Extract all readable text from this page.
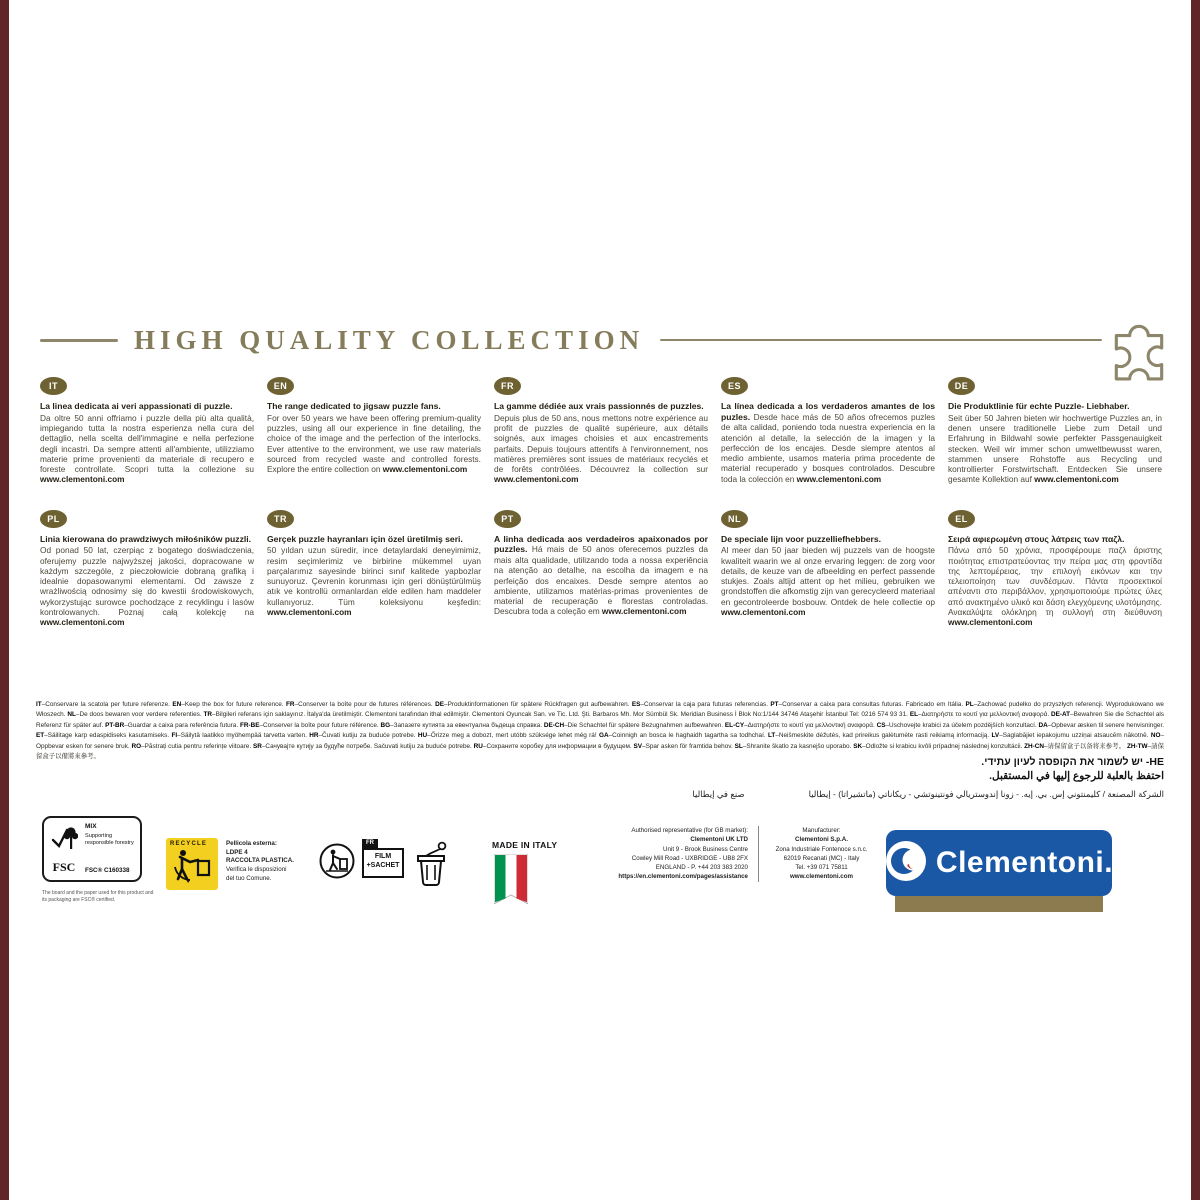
HIGH QUALITY COLLECTION
IT

La linea dedicata ai veri appassionati di puzzle.
Da oltre 50 anni offriamo i puzzle della più alta qualità, impiegando tutta la nostra esperienza nella cura del dettaglio, nella scelta dell'immagine e nella perfezione degli incastri. Da sempre attenti all'ambiente, utilizziamo materie prime provenienti da materiale di recupero e foreste controllate. Scopri tutta la collezione su www.clementoni.com

EN

The range dedicated to jigsaw puzzle fans.
For over 50 years we have been offering premium-quality puzzles, using all our experience in fine detailing, the choice of the image and the perfection of the interlocks. Ever attentive to the environment, we use raw materials sourced from recycled waste and controlled forests. Explore the entire collection on www.clementoni.com

FR

La gamme dédiée aux vrais passionnés de puzzles.
Depuis plus de 50 ans, nous mettons notre expérience au profit de puzzles de qualité supérieure, aux détails soignés, aux images choisies et aux encastrements parfaits. Depuis toujours attentifs à l'environnement, nos matières premières sont issues de matériaux recyclés et de forêts contrôlées. Découvrez la collection sur www.clementoni.com

ES

La línea dedicada a los verdaderos amantes de los puzles. Desde hace más de 50 años ofrecemos puzles de alta calidad, poniendo toda nuestra experiencia en la atención al detalle, la selección de la imagen y la perfección de los encajes. Desde siempre atentos al medio ambiente, usamos materia prima procedente de material recuperado y bosques controlados. Descubre toda la colección en www.clementoni.com

DE

Die Produktlinie für echte Puzzle- Liebhaber.
Seit über 50 Jahren bieten wir hochwertige Puzzles an, in denen unsere traditionelle Liebe zum Detail und Erfahrung in Bildwahl sowie perfekter Passgenauigkeit stecken. Weil wir immer schon umweltbewusst waren, stammen unsere Rohstoffe aus Recycling und kontrollierter Forstwirtschaft. Entdecken Sie unsere gesamte Kollektion auf www.clementoni.com

PL

Linia kierowana do prawdziwych miłośników puzzli.
Od ponad 50 lat, czerpiąc z bogatego doświadczenia, oferujemy puzzle najwyższej jakości, dopracowane w każdym szczególe, z pieczołowicie dobraną grafiką i idealnie dopasowanymi elementami. Od zawsze z wrażliwością odnosimy się do kwestii środowiskowych, wykorzystując surowce pochodzące z recyklingu i lasów kontrolowanych. Poznaj całą kolekcję na www.clementoni.com

TR

Gerçek puzzle hayranları için özel üretilmiş seri.
50 yıldan uzun süredir, ince detaylardaki deneyimimiz, resim seçimlerimiz ve birbirine mükemmel uyan parçalarımız sayesinde birinci sınıf kalitede yapbozlar sunuyoruz. Çevrenin korunması için geri dönüştürülmüş atık ve kontrollü ormanlardan elde edilen ham maddeler kullanıyoruz. Tüm koleksiyonu keşfedin: www.clementoni.com

PT

A linha dedicada aos verdadeiros apaixonados por puzzles. Há mais de 50 anos oferecemos puzzles da mais alta qualidade, utilizando toda a nossa experiência na atenção ao detalhe, na escolha da imagem e na perfeição dos encaixes. Desde sempre atentos ao ambiente, utilizamos matérias-primas provenientes de material de recuperação e florestas controladas. Descubra toda a coleção em www.clementoni.com

NL

De speciale lijn voor puzzelliefhebbers.
Al meer dan 50 jaar bieden wij puzzels van de hoogste kwaliteit waarin we al onze ervaring leggen: de zorg voor details, de keuze van de afbeelding en perfect passende stukjes. Zoals altijd attent op het milieu, gebruiken we grondstoffen die afkomstig zijn van gerecycleerd materiaal en gecontroleerde bosbouw. Ontdek de hele collectie op www.clementoni.com

EL

Σειρά αφιερωμένη στους λάτρεις των παζλ.
Πάνω από 50 χρόνια, προσφέρουμε παζλ άριστης ποιότητας επιστρατεύοντας την πείρα μας στη φροντίδα της λεπτομέρειας, την επιλογή εικόνων και την τελειοποίηση των συνδέσμων. Πάντα προσεκτικοί απέναντι στο περιβάλλον, χρησιμοποιούμε πρώτες ύλες από ανακτημένο υλικό και δάση ελεγχόμενης υλοτόμησης. Ανακαλύψτε ολόκληρη τη συλλογή στη διεύθυνση www.clementoni.com

IT–Conservare la scatola per future referenze. EN–Keep the box for future reference. FR–Conserver la boîte pour de futures références. DE–Produktinformationen für spätere Rückfragen gut aufbewahren. ES–Conservar la caja para futuras referencias. PT–Conservar a caixa para consultas futuras. Fabricado em Itália. PL–Zachować pudełko do przyszłych referencji. Wyprodukowano we Włoszech. NL–De doos bewaren voor verdere referenties. TR–Bilgileri referans için saklayınız. İtalya'da üretilmiştir. Clementoni tarafından ithal edilmiştir. Clementoni Oyuncak San. ve Tic. Ltd. Şti. Barbaros Mh. Mor Sümbül Sk. Meridian Business İ Blok No:1/144 34746 Ataşehir İstanbul Tel: 0216 574 93 31. EL–Διατηρήστε το κουτί για μελλοντική αναφορά. DE-AT–Bewahren Sie die Schachtel als Referenz für später auf. PT-BR–Guardar a caixa para referência futura. FR-BE–Conserver la boîte pour future référence. BG–Запазете кутията за евентуална бъдеща справка. DE-CH–Die Schachtel für spätere Bezugnahmen aufbewahren. EL-CY–Διατηρήστε το κουτί για μελλοντική αναφορά. CS–Uschovejte krabici za účelem pozdějších konzultací. DA–Opbevar æsken til senere henvisninger. ET–Säilitage karp edaspidiseks kasutamiseks. FI–Säilytä laatikko myöhempää tarvetta varten. HR–Čuvati kutiju za buduće potrebe. HU–Őrizze meg a dobozt, mert utóbb szüksége lehet még rá! GA–Coinnigh an bosca le haghaidh tagartha sa todhchaí. LT–Neišmeskite dėžutės, kad prireikus galėtumėte rasti reikiamą informaciją. LV–Saglabājiet iepakojumu uzziņai atsaucēm nākotnē. NO–Oppbevar esken for senere bruk. RO–Păstrați cutia pentru referințe viitoare. SR–Сачувајте кутију за будуће потребе. Sačuvati kutiju za buduće potrebe. RU–Сохраните коробку для информации в будущем. SV–Spar asken för framtida behov. SL–Shranite škatlo za kasnejšo uporabo. SK–Odložte si krabicu kvôli prípadnej následnej konzultácii. ZH-CN–请保留盒子以备将来参考。 ZH-TW–請保留盒子以備將來參考。	HE- יש לשמור את הקופסה לעיון עתידי.
احتفظ بالعلبة للرجوع إليها في المستقبل.
الشركة المصنعة / كليمنتوني إس. بي. إيه. - زونا إندوستريالي فونتينوتشي - ريكاناتي (ماتشيراتا) - إيطاليا
صنع في إيطاليا
FSC
MIX
Supporting responsible forestry
FSC® C160338
The board and the paper used for this product and its packaging are FSC® certified.
RECYCLE	Pellicola esterna:
LDPE 4
RACCOLTA PLASTICA.
Verifica le disposizioni
del tuo Comune.
FR
FILM
+SACHET
MADE IN ITALY
Authorised representative (for GB market):
Clementoni UK LTD
Unit 9 - Brook Business Centre
Cowley Mill Road - UXBRIDGE - UB8 2FX
ENGLAND - P. +44 203 383 2020
https://en.clementoni.com/pages/assistance
Manufacturer:
Clementoni S.p.A.
Zona Industriale Fontenoce s.n.c.
62019 Recanati (MC) - Italy
Tel. +39 071 75811
www.clementoni.com	Clementoni.
